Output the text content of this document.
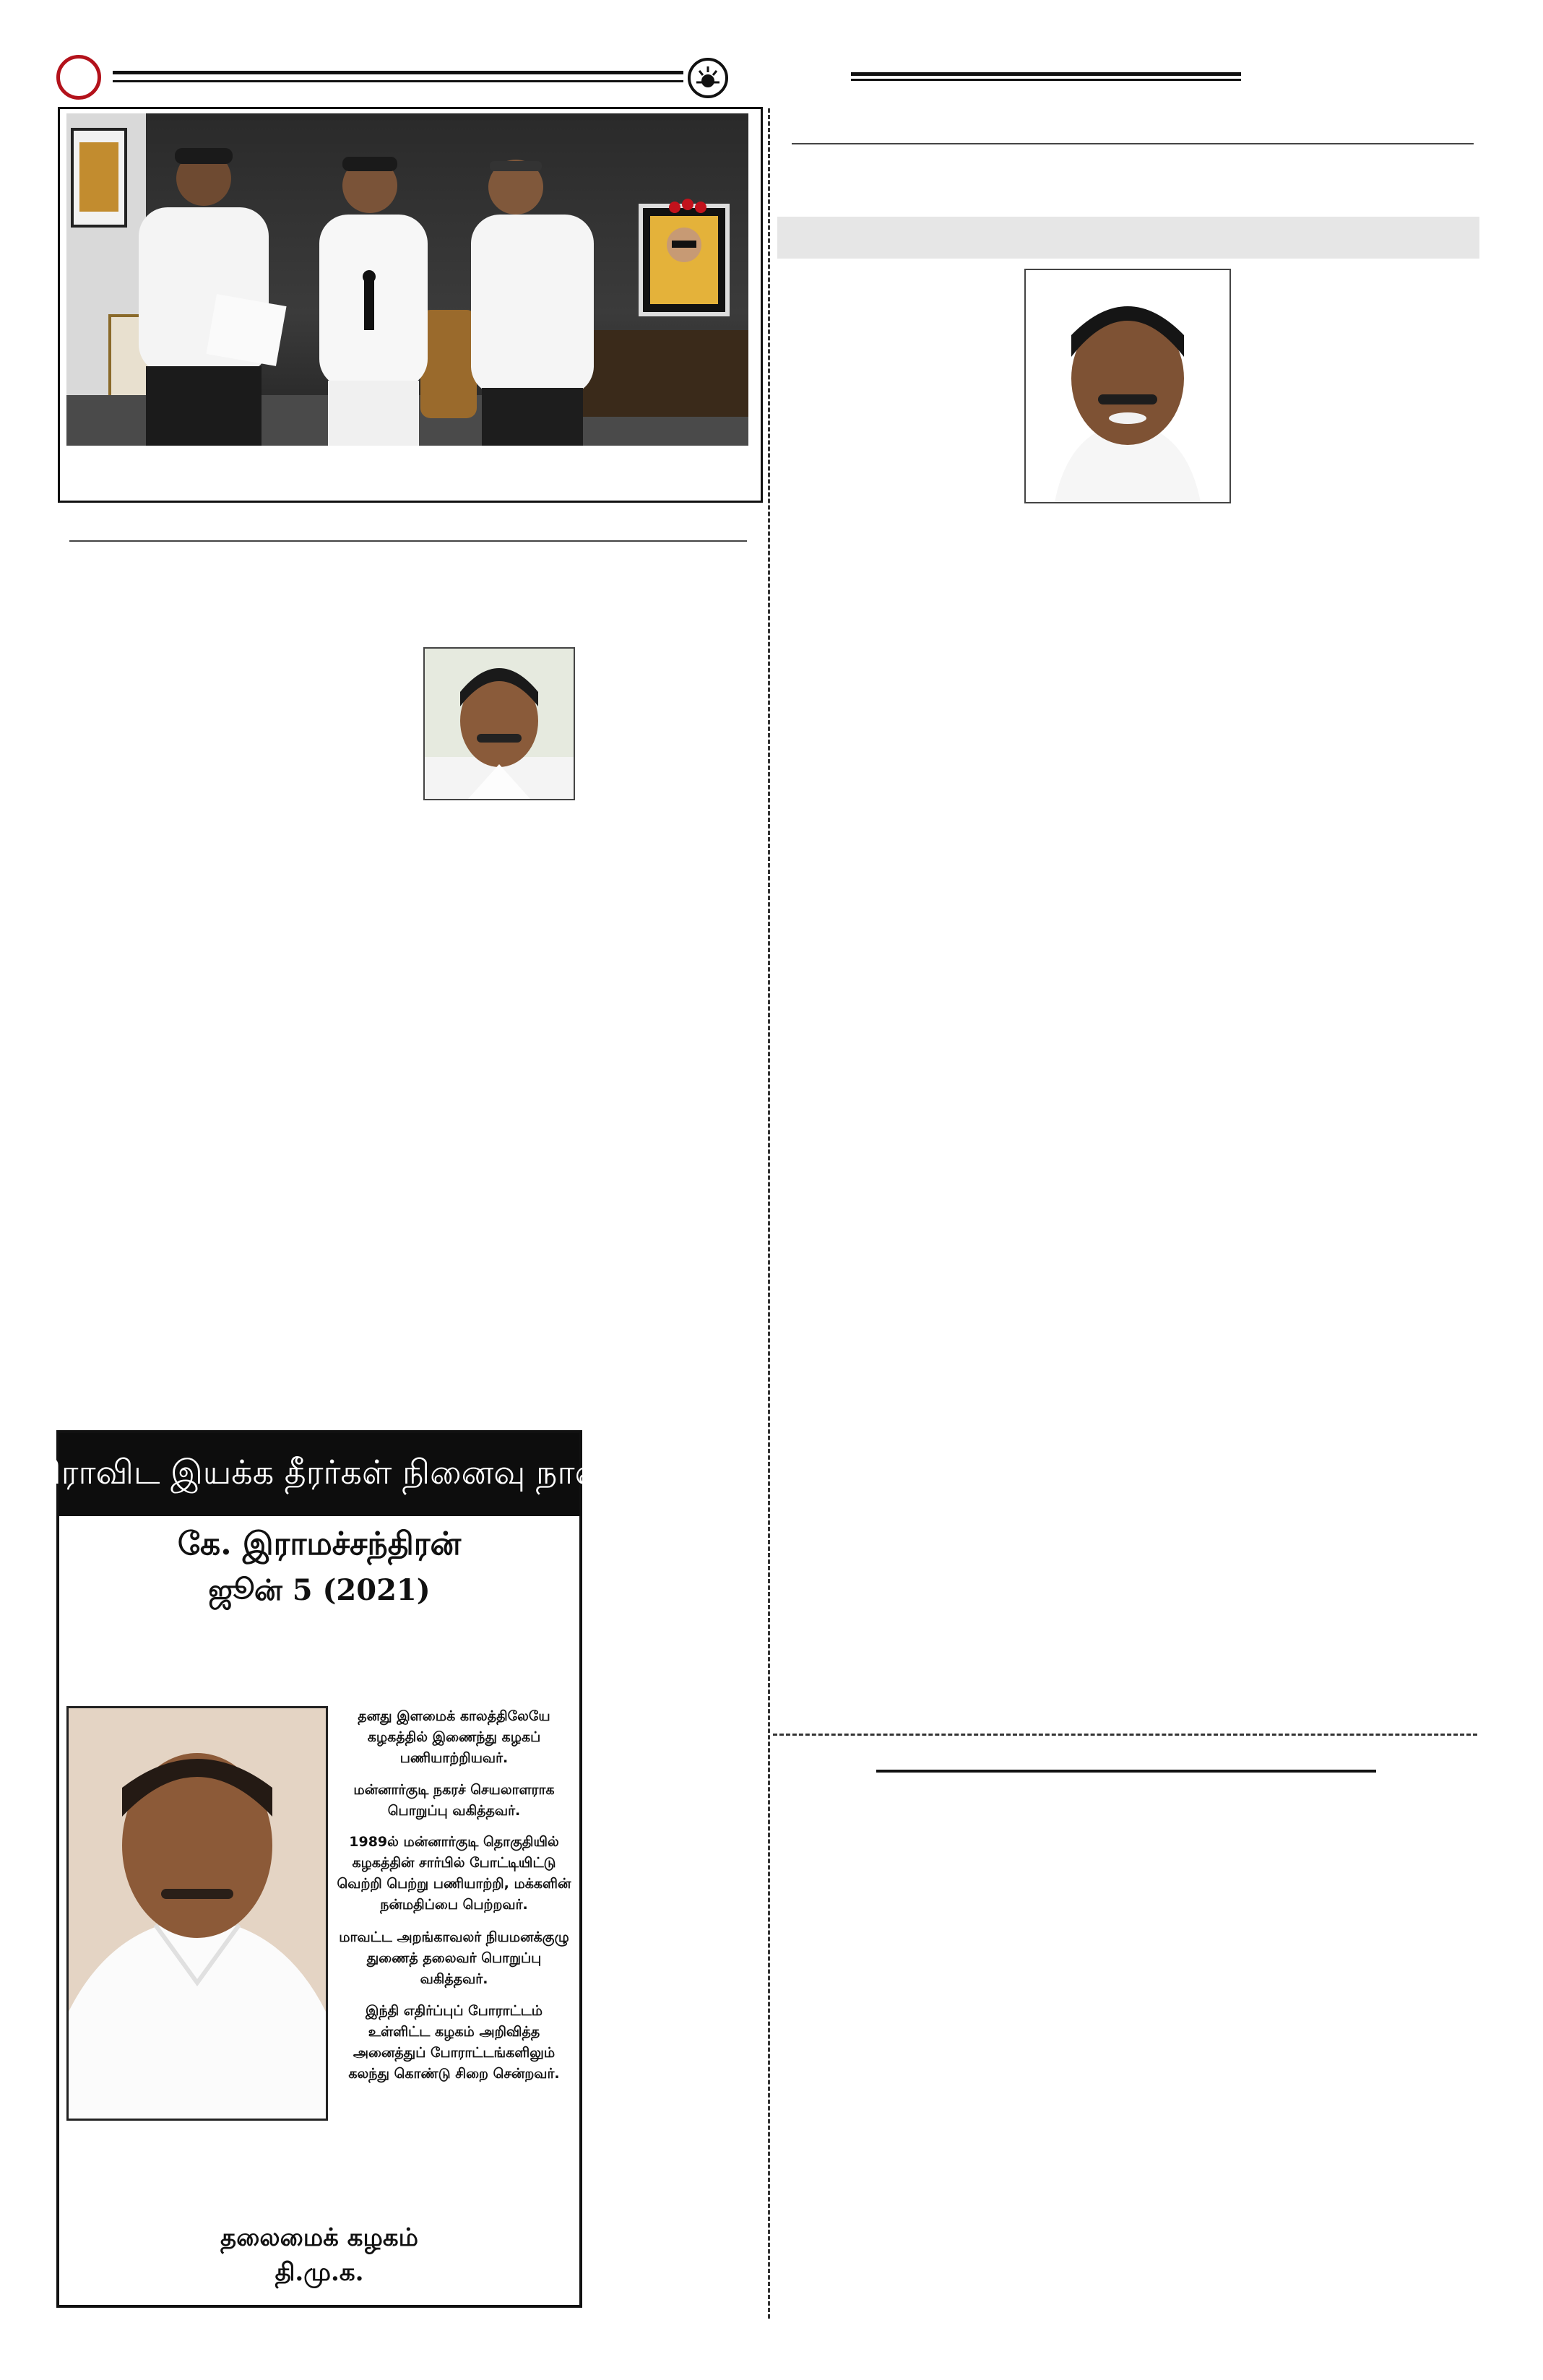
திராவிட இயக்க தீரர்கள் நினைவு நாள்
கே. இராமச்சந்திரன்
ஜூன் 5 (2021)
தனது இளமைக் காலத்திலேயே கழகத்தில் இணைந்து கழகப் பணியாற்றியவர்.
மன்னார்குடி நகரச் செயலாளராக பொறுப்பு வகித்தவர்.
1989ல் மன்னார்குடி தொகுதியில் கழகத்தின் சார்பில் போட்டியிட்டு வெற்றி பெற்று பணியாற்றி, மக்களின் நன்மதிப்பை பெற்றவர்.
மாவட்ட அறங்காவலர் நியமனக்குழு துணைத் தலைவர் பொறுப்பு வகித்தவர்.
இந்தி எதிர்ப்புப் போராட்டம் உள்ளிட்ட கழகம் அறிவித்த அனைத்துப் போராட்டங்களிலும் கலந்து கொண்டு சிறை சென்றவர்.
தலைமைக் கழகம்
தி.மு.க.
